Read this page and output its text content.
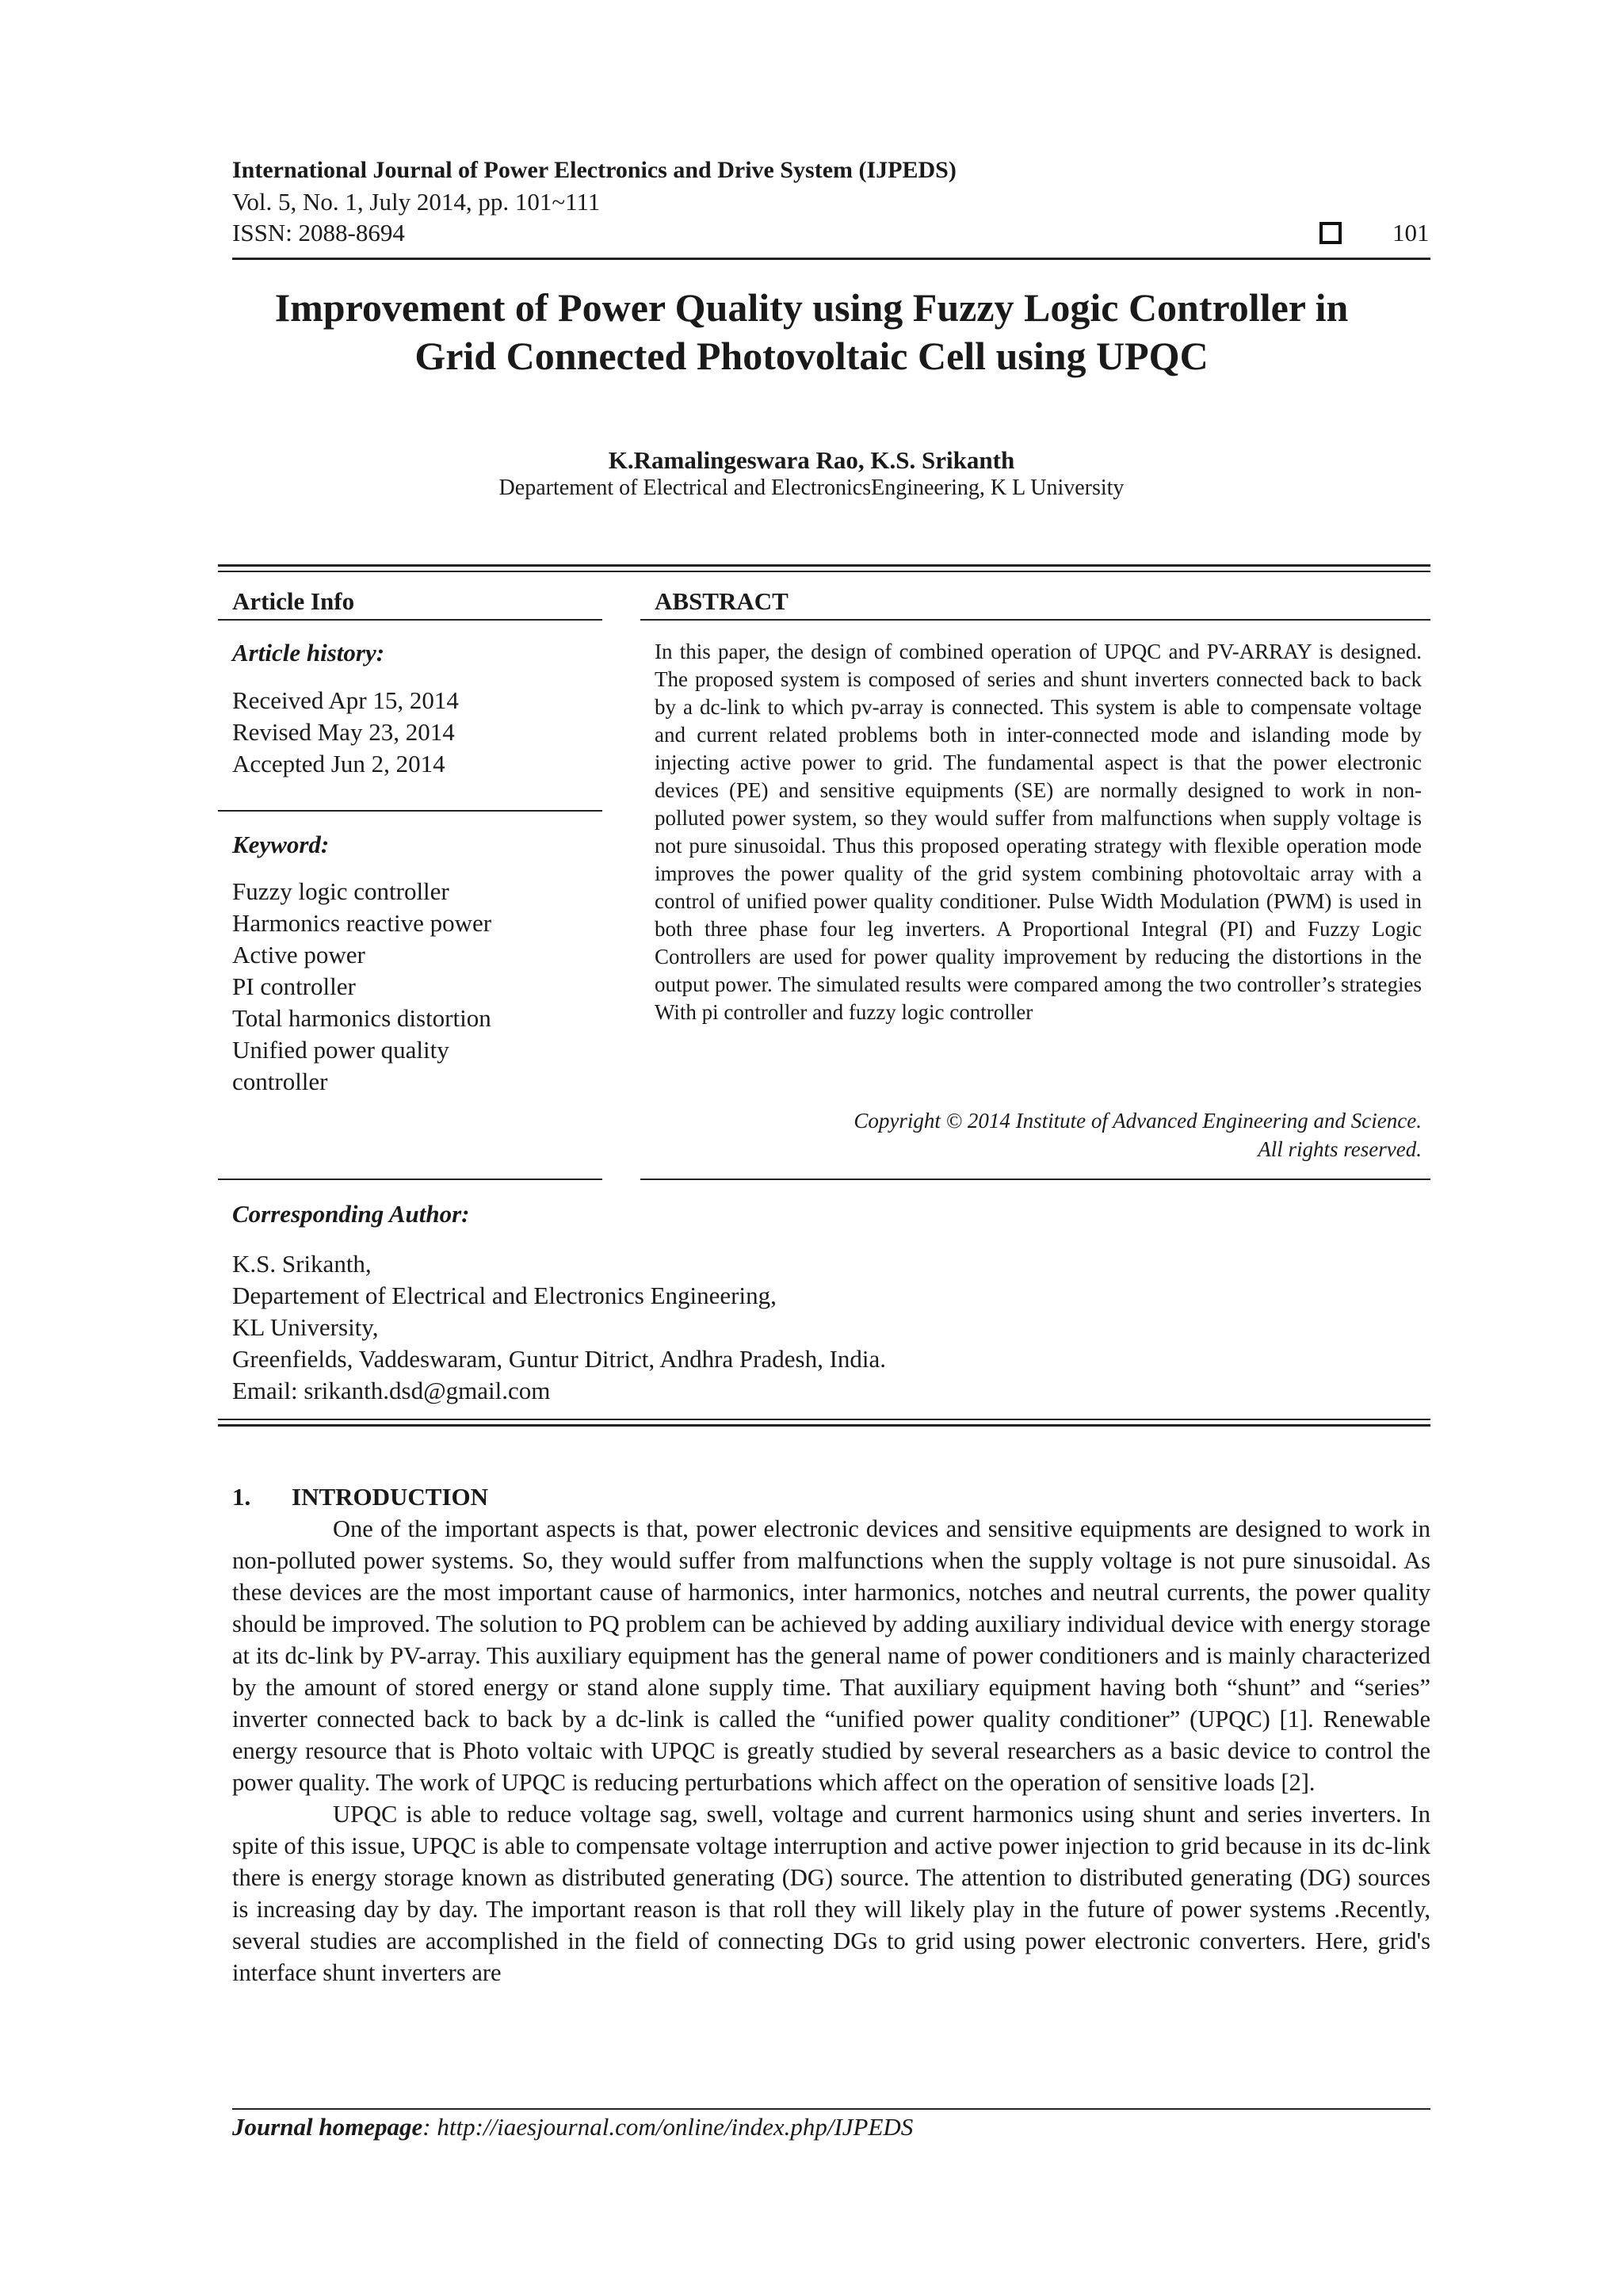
International Journal of Power Electronics and Drive System (IJPEDS)
Vol. 5, No. 1, July 2014, pp. 101~111
ISSN: 2088-8694	101
Improvement of Power Quality using Fuzzy Logic Controller in
Grid Connected Photovoltaic Cell using UPQC
K.Ramalingeswara Rao, K.S. Srikanth
Departement of Electrical and ElectronicsEngineering, K L University
Article Info
Article history:
Received Apr 15, 2014
Revised May 23, 2014
Accepted Jun 2, 2014
Keyword:
Fuzzy logic controller
Harmonics reactive power
Active power
PI controller
Total harmonics distortion
Unified power quality
controller
ABSTRACT
In this paper, the design of combined operation of UPQC and PV-ARRAY is designed. The proposed system is composed of series and shunt inverters connected back to back by a dc-link to which pv-array is connected. This system is able to compensate voltage and current related problems both in inter-connected mode and islanding mode by injecting active power to grid. The fundamental aspect is that the power electronic devices (PE) and sensitive equipments (SE) are normally designed to work in non-polluted power system, so they would suffer from malfunctions when supply voltage is not pure sinusoidal. Thus this proposed operating strategy with flexible operation mode improves the power quality of the grid system combining photovoltaic array with a control of unified power quality conditioner. Pulse Width Modulation (PWM) is used in both three phase four leg inverters. A Proportional Integral (PI) and Fuzzy Logic Controllers are used for power quality improvement by reducing the distortions in the output power. The simulated results were compared among the two controller’s strategies With pi controller and fuzzy logic controller
Copyright © 2014 Institute of Advanced Engineering and Science.
All rights reserved.
Corresponding Author:
K.S. Srikanth,
Departement of Electrical and Electronics Engineering,
KL University,
Greenfields, Vaddeswaram, Guntur Ditrict, Andhra Pradesh, India.
Email: srikanth.dsd@gmail.com
1. INTRODUCTION

One of the important aspects is that, power electronic devices and sensitive equipments are designed to work in non-polluted power systems. So, they would suffer from malfunctions when the supply voltage is not pure sinusoidal. As these devices are the most important cause of harmonics, inter harmonics, notches and neutral currents, the power quality should be improved. The solution to PQ problem can be achieved by adding auxiliary individual device with energy storage at its dc-link by PV-array. This auxiliary equipment has the general name of power conditioners and is mainly characterized by the amount of stored energy or stand alone supply time. That auxiliary equipment having both “shunt” and “series” inverter connected back to back by a dc-link is called the “unified power quality conditioner” (UPQC) [1]. Renewable energy resource that is Photo voltaic with UPQC is greatly studied by several researchers as a basic device to control the power quality. The work of UPQC is reducing perturbations which affect on the operation of sensitive loads [2].

UPQC is able to reduce voltage sag, swell, voltage and current harmonics using shunt and series inverters. In spite of this issue, UPQC is able to compensate voltage interruption and active power injection to grid because in its dc-link there is energy storage known as distributed generating (DG) source. The attention to distributed generating (DG) sources is increasing day by day. The important reason is that roll they will likely play in the future of power systems .Recently, several studies are accomplished in the field of connecting DGs to grid using power electronic converters. Here, grid's interface shunt inverters are

Journal homepage: http://iaesjournal.com/online/index.php/IJPEDS
